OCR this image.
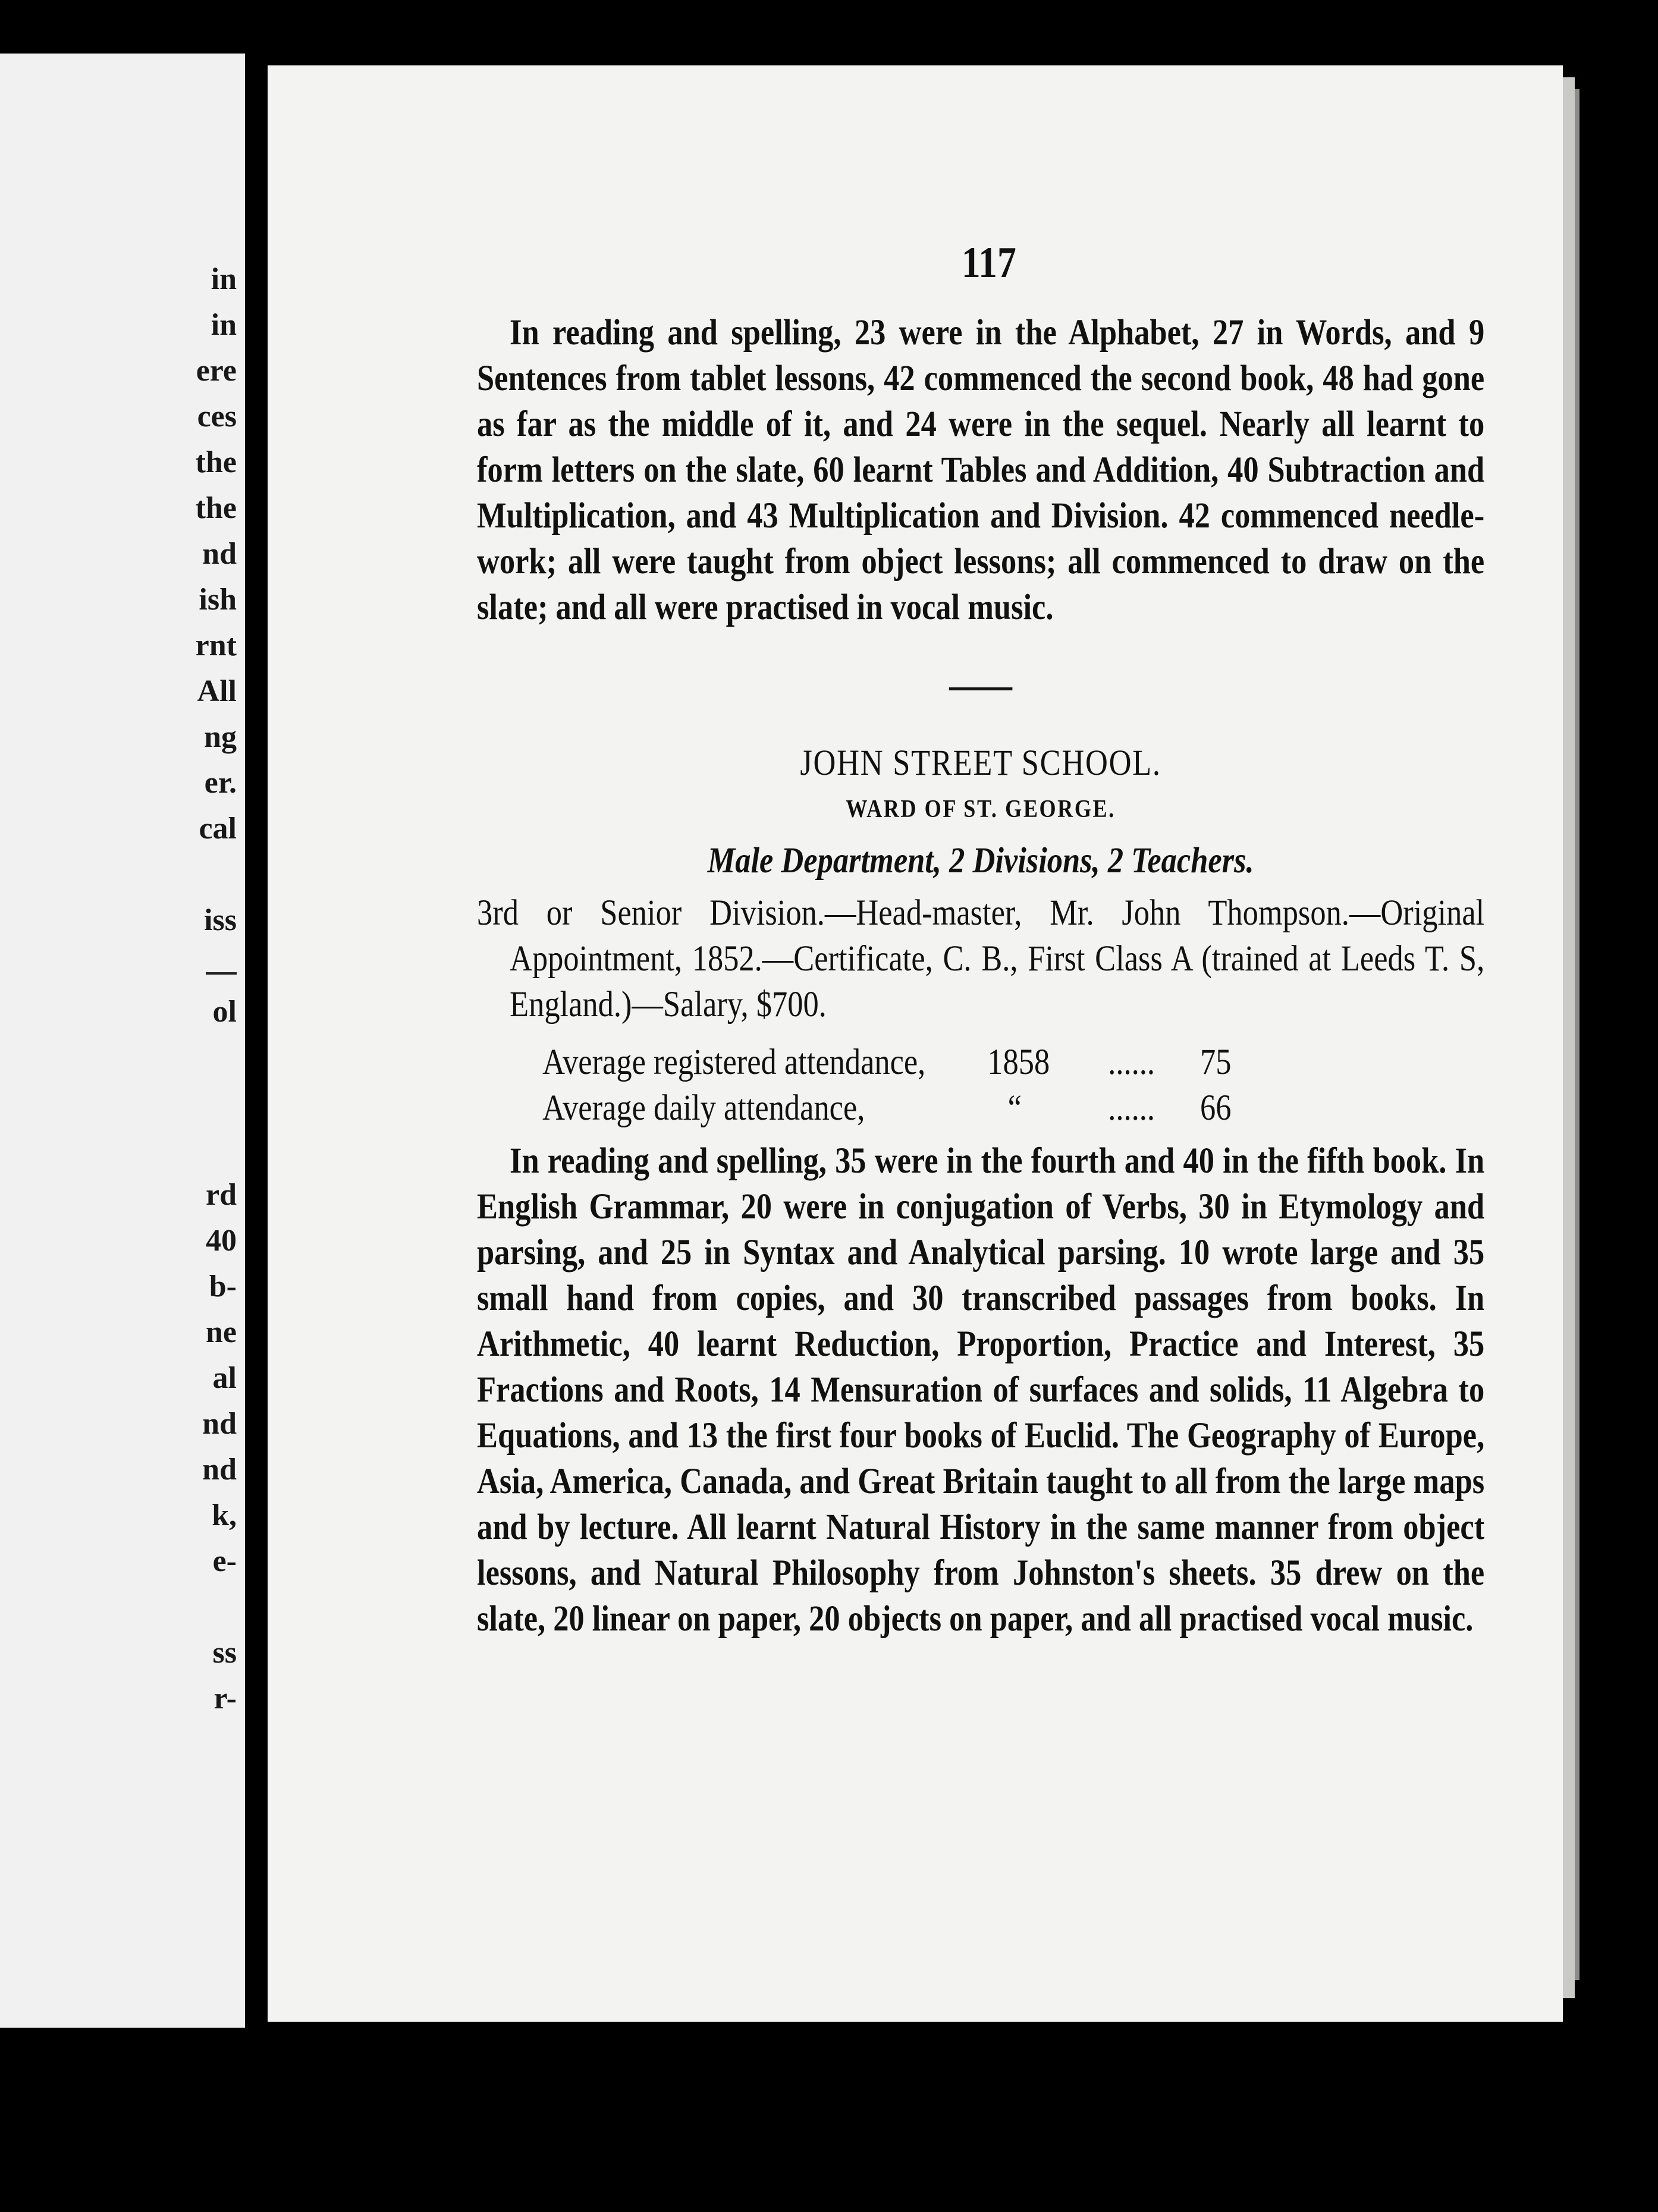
in
in
ere
ces
the
the
nd
ish
rnt
All
ng
er.
cal
iss
ol
rd
40
b-
ne
al
nd
nd
k,
e-
ss
r-
117

In reading and spelling, 23 were in the Alphabet, 27 in Words, and 9 Sentences from tablet lessons, 42 commenced the second book, 48 had gone as far as the middle of it, and 24 were in the sequel. Nearly all learnt to form letters on the slate, 60 learnt Tables and Addition, 40 Subtraction and Multiplication, and 43 Multiplication and Division. 42 commenced needle-work; all were taught from object lessons; all commenced to draw on the slate; and all were practised in vocal music.

JOHN STREET SCHOOL.
WARD OF ST. GEORGE.
Male Department, 2 Divisions, 2 Teachers.

3rd or Senior Division.—Head-master, Mr. John Thompson.—Original Appointment, 1852.—Certificate, C. B., First Class A (trained at Leeds T. S, England.)—Salary, $700.

Average registered attendance,	1858	......	75
Average daily attendance,	“	......	66

In reading and spelling, 35 were in the fourth and 40 in the fifth book. In English Grammar, 20 were in conjugation of Verbs, 30 in Etymology and parsing, and 25 in Syntax and Analytical parsing. 10 wrote large and 35 small hand from copies, and 30 transcribed passages from books. In Arithmetic, 40 learnt Reduction, Proportion, Practice and Interest, 35 Fractions and Roots, 14 Mensuration of surfaces and solids, 11 Algebra to Equations, and 13 the first four books of Euclid. The Geography of Europe, Asia, America, Canada, and Great Britain taught to all from the large maps and by lecture. All learnt Natural History in the same manner from object lessons, and Natural Philosophy from Johnston's sheets. 35 drew on the slate, 20 linear on paper, 20 objects on paper, and all practised vocal music.
